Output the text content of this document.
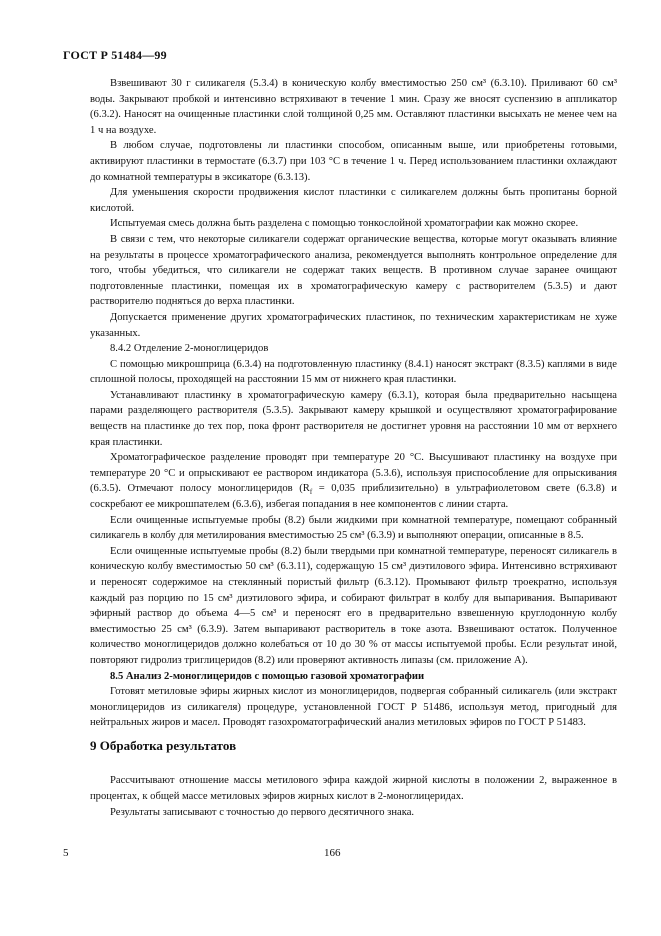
ГОСТ Р 51484—99

Взвешивают 30 г силикагеля (5.3.4) в коническую колбу вместимостью 250 см³ (6.3.10). Приливают 60 см³ воды. Закрывают пробкой и интенсивно встряхивают в течение 1 мин. Сразу же вносят суспензию в аппликатор (6.3.2). Наносят на очищенные пластинки слой толщиной 0,25 мм. Оставляют пластинки высыхать не менее чем на 1 ч на воздухе.

В любом случае, подготовлены ли пластинки способом, описанным выше, или приобретены готовыми, активируют пластинки в термостате (6.3.7) при 103 °С в течение 1 ч. Перед использованием пластинки охлаждают до комнатной температуры в эксикаторе (6.3.13).

Для уменьшения скорости продвижения кислот пластинки с силикагелем должны быть пропитаны борной кислотой.

Испытуемая смесь должна быть разделена с помощью тонкослойной хроматографии как можно скорее.

В связи с тем, что некоторые силикагели содержат органические вещества, которые могут оказывать влияние на результаты в процессе хроматографического анализа, рекомендуется выполнять контрольное определение для того, чтобы убедиться, что силикагели не содержат таких веществ. В противном случае заранее очищают подготовленные пластинки, помещая их в хроматографическую камеру с растворителем (5.3.5) и дают растворителю подняться до верха пластинки.

Допускается применение других хроматографических пластинок, по техническим характеристикам не хуже указанных.

8.4.2 Отделение 2-моноглицеридов

С помощью микрошприца (6.3.4) на подготовленную пластинку (8.4.1) наносят экстракт (8.3.5) каплями в виде сплошной полосы, проходящей на расстоянии 15 мм от нижнего края пластинки.

Устанавливают пластинку в хроматографическую камеру (6.3.1), которая была предварительно насыщена парами разделяющего растворителя (5.3.5). Закрывают камеру крышкой и осуществляют хроматографирование веществ на пластинке до тех пор, пока фронт растворителя не достигнет уровня на расстоянии 10 мм от верхнего края пластинки.

Хроматографическое разделение проводят при температуре 20 °С. Высушивают пластинку на воздухе при температуре 20 °С и опрыскивают ее раствором индикатора (5.3.6), используя приспособление для опрыскивания (6.3.5). Отмечают полосу моноглицеридов ($R_f = 0,035$ приблизительно) в ультрафиолетовом свете (6.3.8) и соскребают ее микрошпателем (6.3.6), избегая попадания в нее компонентов с линии старта.

Если очищенные испытуемые пробы (8.2) были жидкими при комнатной температуре, помещают собранный силикагель в колбу для метилирования вместимостью 25 см³ (6.3.9) и выполняют операции, описанные в 8.5.

Если очищенные испытуемые пробы (8.2) были твердыми при комнатной температуре, переносят силикагель в коническую колбу вместимостью 50 см³ (6.3.11), содержащую 15 см³ диэтилового эфира. Интенсивно встряхивают и переносят содержимое на стеклянный пористый фильтр (6.3.12). Промывают фильтр троекратно, используя каждый раз порцию по 15 см³ диэтилового эфира, и собирают фильтрат в колбу для выпаривания. Выпаривают эфирный раствор до объема 4—5 см³ и переносят его в предварительно взвешенную круглодонную колбу вместимостью 25 см³ (6.3.9). Затем выпаривают растворитель в токе азота. Взвешивают остаток. Полученное количество моноглицеридов должно колебаться от 10 до 30 % от массы испытуемой пробы. Если результат иной, повторяют гидролиз триглицеридов (8.2) или проверяют активность липазы (см. приложение А).

8.5 Анализ 2-моноглицеридов с помощью газовой хроматографии

Готовят метиловые эфиры жирных кислот из моноглицеридов, подвергая собранный силикагель (или экстракт моноглицеридов из силикагеля) процедуре, установленной ГОСТ Р 51486, используя метод, пригодный для нейтральных жиров и масел. Проводят газохроматографический анализ метиловых эфиров по ГОСТ Р 51483.

9 Обработка результатов

Рассчитывают отношение массы метилового эфира каждой жирной кислоты в положении 2, выраженное в процентах, к общей массе метиловых эфиров жирных кислот в 2-моноглицеридах.

Результаты записывают с точностью до первого десятичного знака.

5	166
